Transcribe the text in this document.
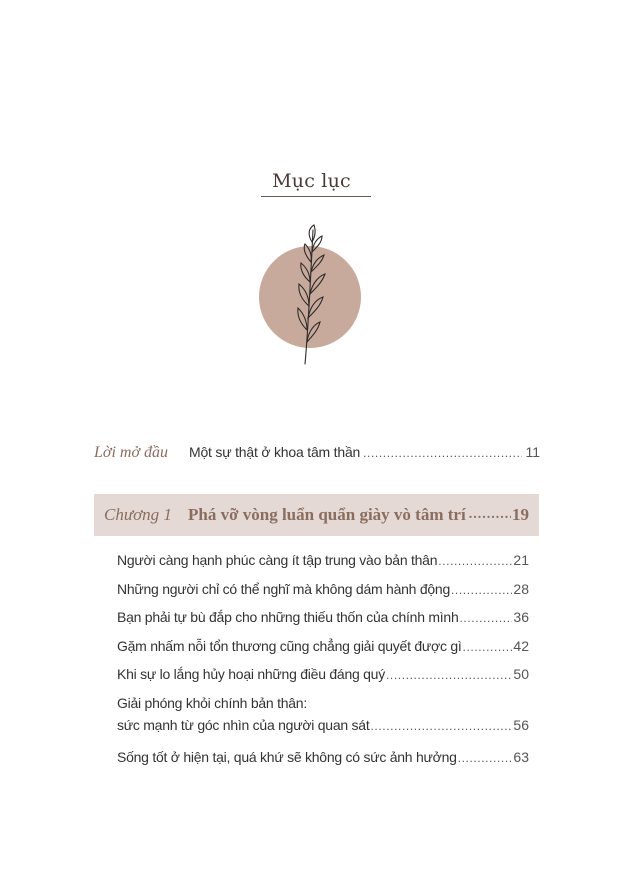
Mục lục
Lời mở đầu	Một sự thật ở khoa tâm thần .....	11
Chương 1 Phá vỡ vòng luẩn quẩn giày vò tâm trí .....	19
Người càng hạnh phúc càng ít tập trung vào bản thân .....	21
Những người chỉ có thể nghĩ mà không dám hành động .....	28
Bạn phải tự bù đắp cho những thiếu thốn của chính mình .....	36
Gặm nhấm nỗi tổn thương cũng chẳng giải quyết được gì .....	42
Khi sự lo lắng hủy hoại những điều đáng quý .....	50
Giải phóng khỏi chính bản thân:
sức mạnh từ góc nhìn của người quan sát .....	56
Sống tốt ở hiện tại, quá khứ sẽ không có sức ảnh hưởng .....	63
